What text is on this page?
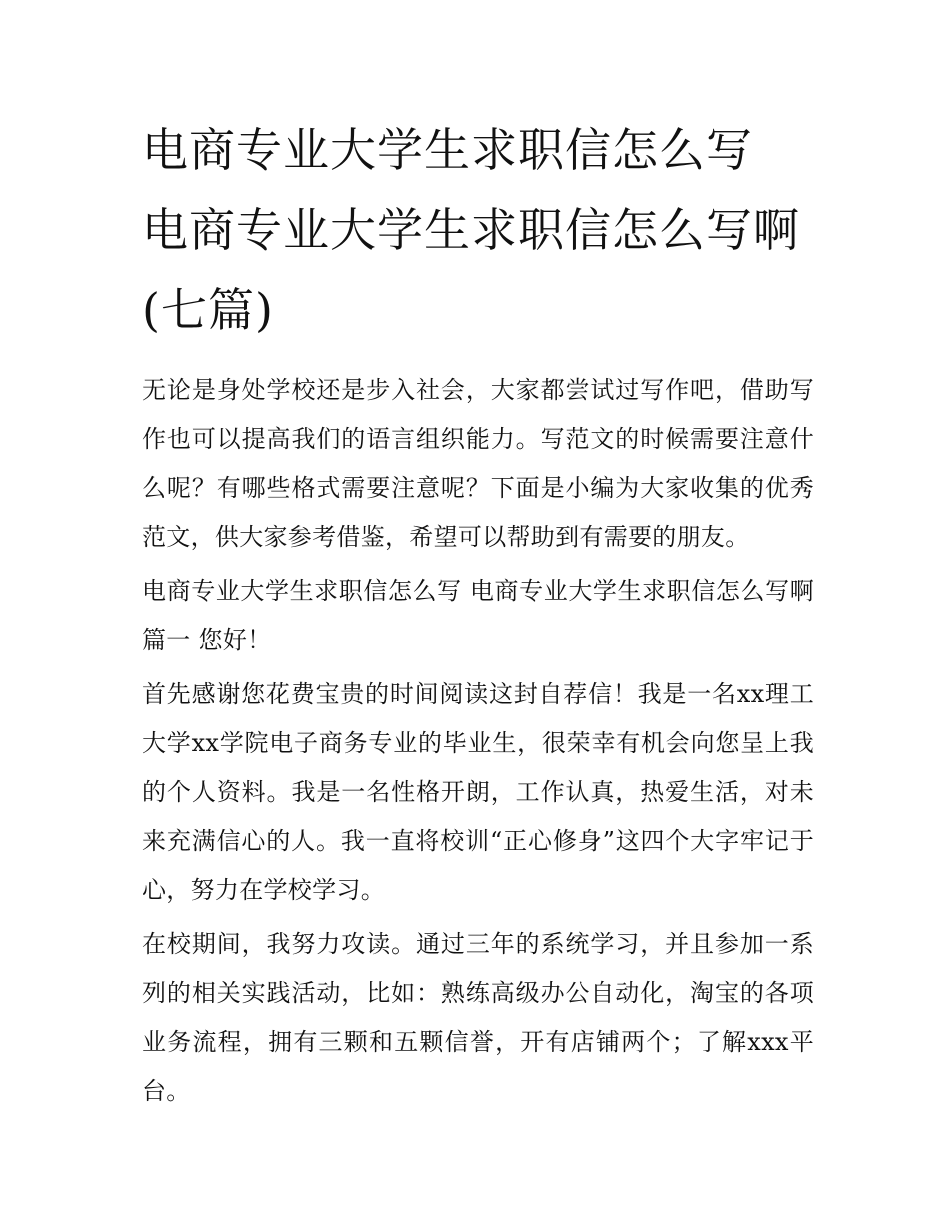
电商专业大学生求职信怎么写 电商专业大学生求职信怎么写啊(七篇)

无论是身处学校还是步入社会，大家都尝试过写作吧，借助写作也可以提高我们的语言组织能力。写范文的时候需要注意什么呢？有哪些格式需要注意呢？下面是小编为大家收集的优秀范文，供大家参考借鉴，希望可以帮助到有需要的朋友。

电商专业大学生求职信怎么写 电商专业大学生求职信怎么写啊篇一 您好！

首先感谢您花费宝贵的时间阅读这封自荐信！我是一名xx理工大学xx学院电子商务专业的毕业生，很荣幸有机会向您呈上我的个人资料。我是一名性格开朗，工作认真，热爱生活，对未来充满信心的人。我一直将校训“正心修身”这四个大字牢记于心，努力在学校学习。

在校期间，我努力攻读。通过三年的系统学习，并且参加一系列的相关实践活动，比如：熟练高级办公自动化，淘宝的各项业务流程，拥有三颗和五颗信誉，开有店铺两个；了解xxx平台。
